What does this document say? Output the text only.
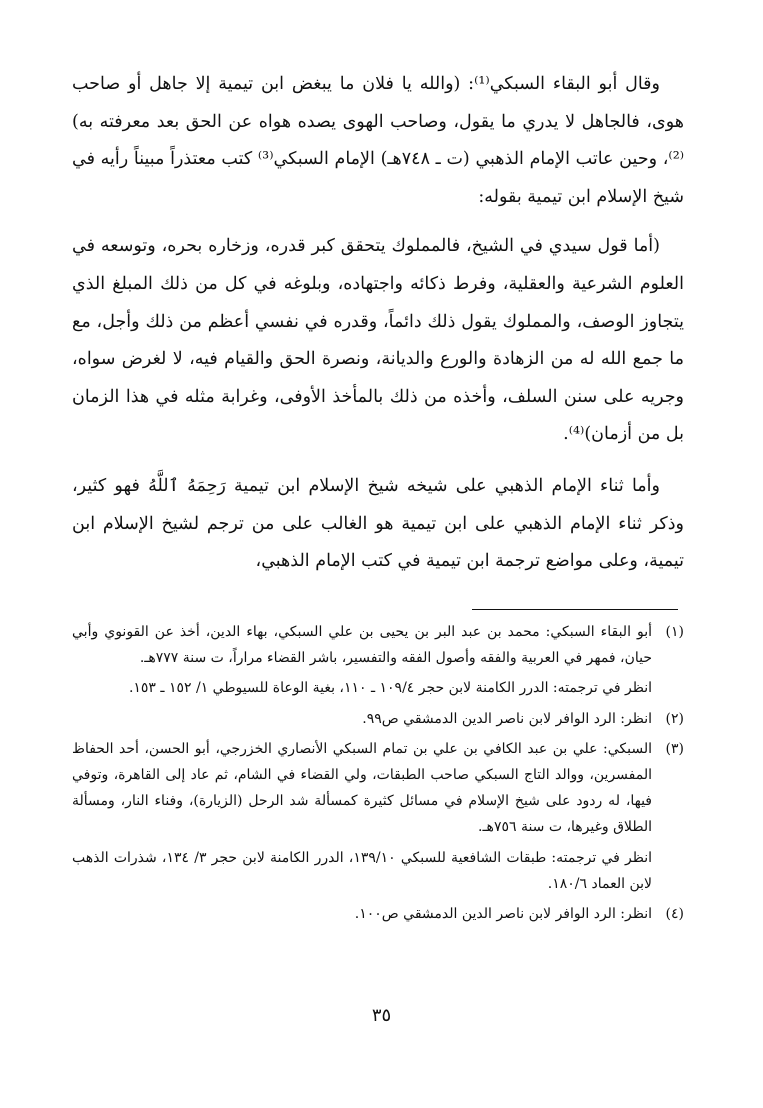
وقال أبو البقاء السبكي⁽¹⁾: (والله يا فلان ما يبغض ابن تيمية إلا جاهل أو صاحب هوى، فالجاهل لا يدري ما يقول، وصاحب الهوى يصده هواه عن الحق بعد معرفته به)⁽²⁾، وحين عاتب الإمام الذهبي (ت ـ ٧٤٨هـ) الإمام السبكي⁽³⁾ كتب معتذراً مبيناً رأيه في شيخ الإسلام ابن تيمية بقوله:

(أما قول سيدي في الشيخ، فالمملوك يتحقق كبر قدره، وزخاره بحره، وتوسعه في العلوم الشرعية والعقلية، وفرط ذكائه واجتهاده، وبلوغه في كل من ذلك المبلغ الذي يتجاوز الوصف، والمملوك يقول ذلك دائماً، وقدره في نفسي أعظم من ذلك وأجل، مع ما جمع الله له من الزهادة والورع والديانة، ونصرة الحق والقيام فيه، لا لغرض سواه، وجريه على سنن السلف، وأخذه من ذلك بالمأخذ الأوفى، وغرابة مثله في هذا الزمان بل من أزمان)⁽⁴⁾.

وأما ثناء الإمام الذهبي على شيخه شيخ الإسلام ابن تيمية رَحِمَهُ ٱللَّهُ فهو كثير، وذكر ثناء الإمام الذهبي على ابن تيمية هو الغالب على من ترجم لشيخ الإسلام ابن تيمية، وعلى مواضع ترجمة ابن تيمية في كتب الإمام الذهبي،

(١)

أبو البقاء السبكي: محمد بن عبد البر بن يحيى بن علي السبكي، بهاء الدين، أخذ عن القونوي وأبي حيان، فمهر في العربية والفقه وأصول الفقه والتفسير، باشر القضاء مراراً، ت سنة ٧٧٧هـ.

انظر في ترجمته: الدرر الكامنة لابن حجر ١٠٩/٤ ـ ١١٠، بغية الوعاة للسيوطي ١/ ١٥٢ ـ ١٥٣.

(٢)

انظر: الرد الوافر لابن ناصر الدين الدمشقي ص٩٩.

(٣)

السبكي: علي بن عبد الكافي بن علي بن تمام السبكي الأنصاري الخزرجي، أبو الحسن، أحد الحفاظ المفسرين، ووالد التاج السبكي صاحب الطبقات، ولي القضاء في الشام، ثم عاد إلى القاهرة، وتوفي فيها، له ردود على شيخ الإسلام في مسائل كثيرة كمسألة شد الرحل (الزيارة)، وفناء النار، ومسألة الطلاق وغيرها، ت سنة ٧٥٦هـ.

انظر في ترجمته: طبقات الشافعية للسبكي ١٣٩/١٠، الدرر الكامنة لابن حجر ٣/ ١٣٤، شذرات الذهب لابن العماد ١٨٠/٦.

(٤)

انظر: الرد الوافر لابن ناصر الدين الدمشقي ص١٠٠.

٣٥
